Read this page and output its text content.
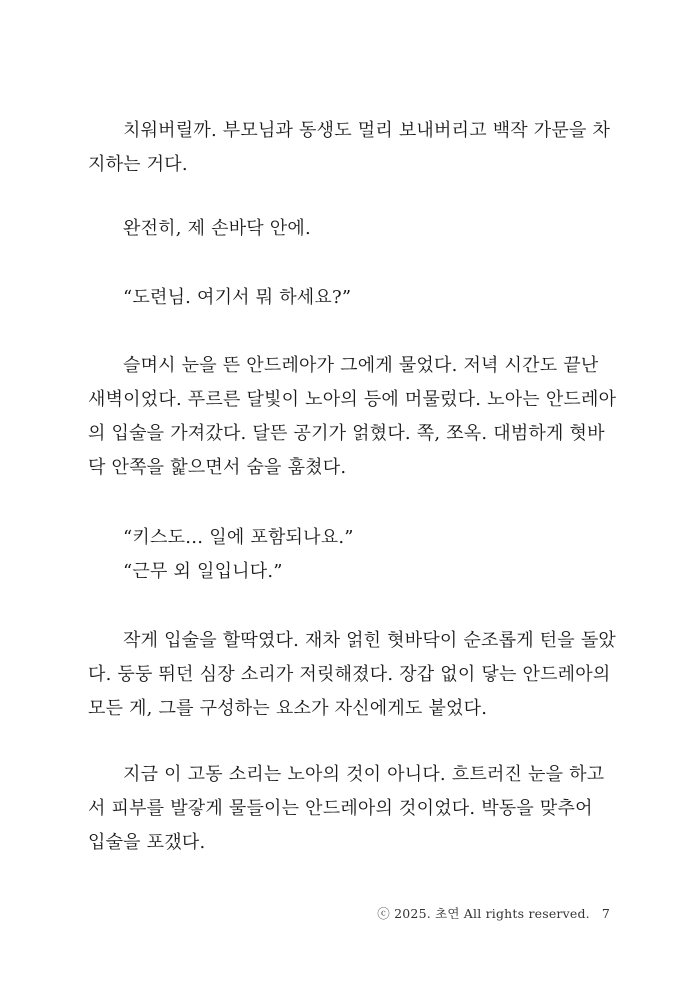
치워버릴까. 부모님과 동생도 멀리 보내버리고 백작 가문을 차
지하는 거다.

완전히, 제 손바닥 안에.

“도련님. 여기서 뭐 하세요?”

슬며시 눈을 뜬 안드레아가 그에게 물었다. 저녁 시간도 끝난
새벽이었다. 푸르른 달빛이 노아의 등에 머물렀다. 노아는 안드레아
의 입술을 가져갔다. 달뜬 공기가 얽혔다. 쪽, 쪼옥. 대범하게 혓바
닥 안쪽을 핥으면서 숨을 훔쳤다.

“키스도… 일에 포함되나요.”
“근무 외 일입니다.”

작게 입술을 할딱였다. 재차 얽힌 혓바닥이 순조롭게 턴을 돌았
다. 둥둥 뛰던 심장 소리가 저릿해졌다. 장갑 없이 닿는 안드레아의
모든 게, 그를 구성하는 요소가 자신에게도 붙었다.

지금 이 고동 소리는 노아의 것이 아니다. 흐트러진 눈을 하고
서 피부를 발갛게 물들이는 안드레아의 것이었다. 박동을 맞추어
입술을 포갰다.

ⓒ 2025. 초연 All rights reserved. 7
